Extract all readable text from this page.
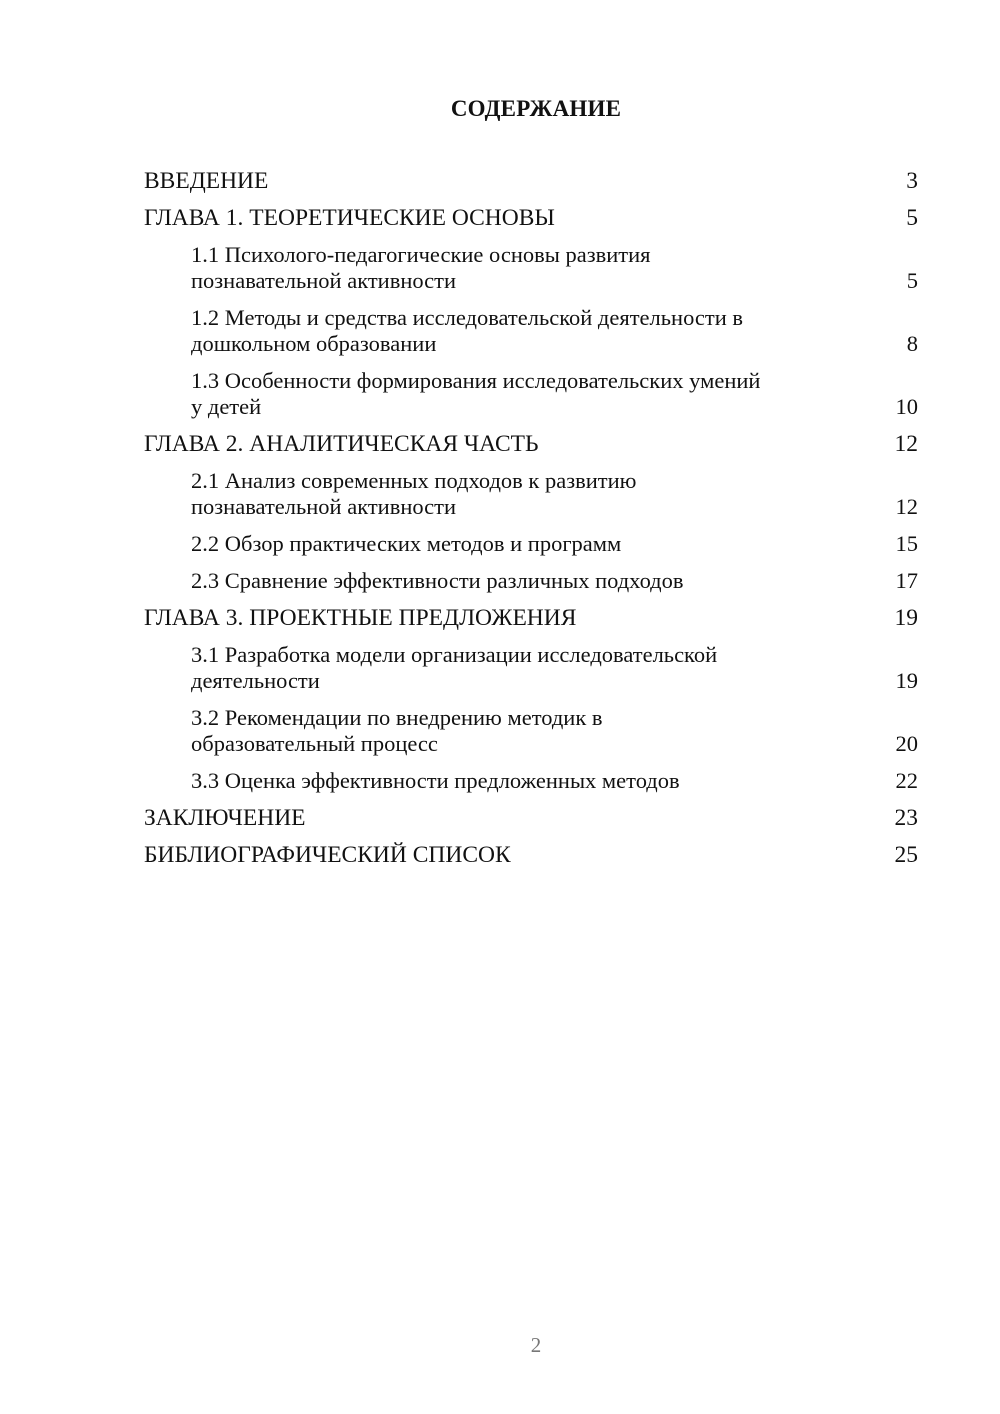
СОДЕРЖАНИЕ
ВВЕДЕНИЕ	3
ГЛАВА 1. ТЕОРЕТИЧЕСКИЕ ОСНОВЫ	5
1.1 Психолого-педагогические основы развития
познавательной активности	5
1.2 Методы и средства исследовательской деятельности в
дошкольном образовании	8
1.3 Особенности формирования исследовательских умений
у детей	10
ГЛАВА 2. АНАЛИТИЧЕСКАЯ ЧАСТЬ	12
2.1 Анализ современных подходов к развитию
познавательной активности	12
2.2 Обзор практических методов и программ	15
2.3 Сравнение эффективности различных подходов	17
ГЛАВА 3. ПРОЕКТНЫЕ ПРЕДЛОЖЕНИЯ	19
3.1 Разработка модели организации исследовательской
деятельности	19
3.2 Рекомендации по внедрению методик в
образовательный процесс	20
3.3 Оценка эффективности предложенных методов	22
ЗАКЛЮЧЕНИЕ	23
БИБЛИОГРАФИЧЕСКИЙ СПИСОК	25
2
